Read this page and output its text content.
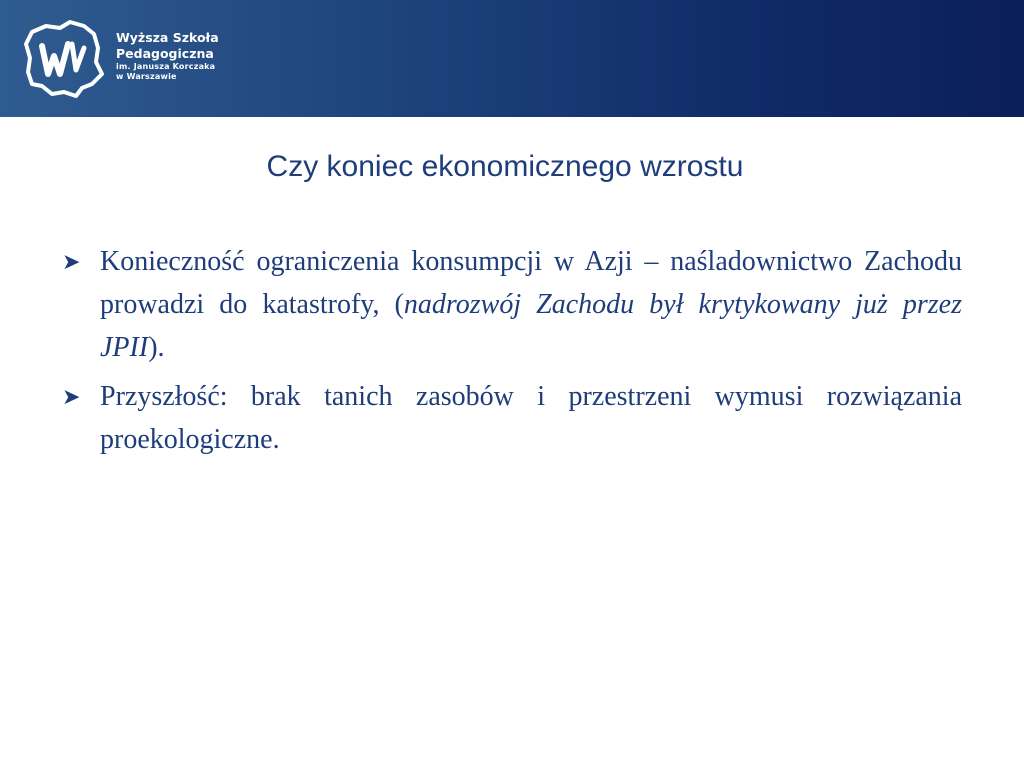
Wyższa Szkoła
Pedagogiczna
im. Janusza Korczaka
w Warszawie
Czy koniec ekonomicznego wzrostu
➤ Konieczność ograniczenia konsumpcji w Azji – naśladownictwo Zachodu prowadzi do katastrofy, (nadrozwój Zachodu był krytykowany już przez JPII).
➤ Przyszłość: brak tanich zasobów i przestrzeni wymusi rozwiązania proekologiczne.
